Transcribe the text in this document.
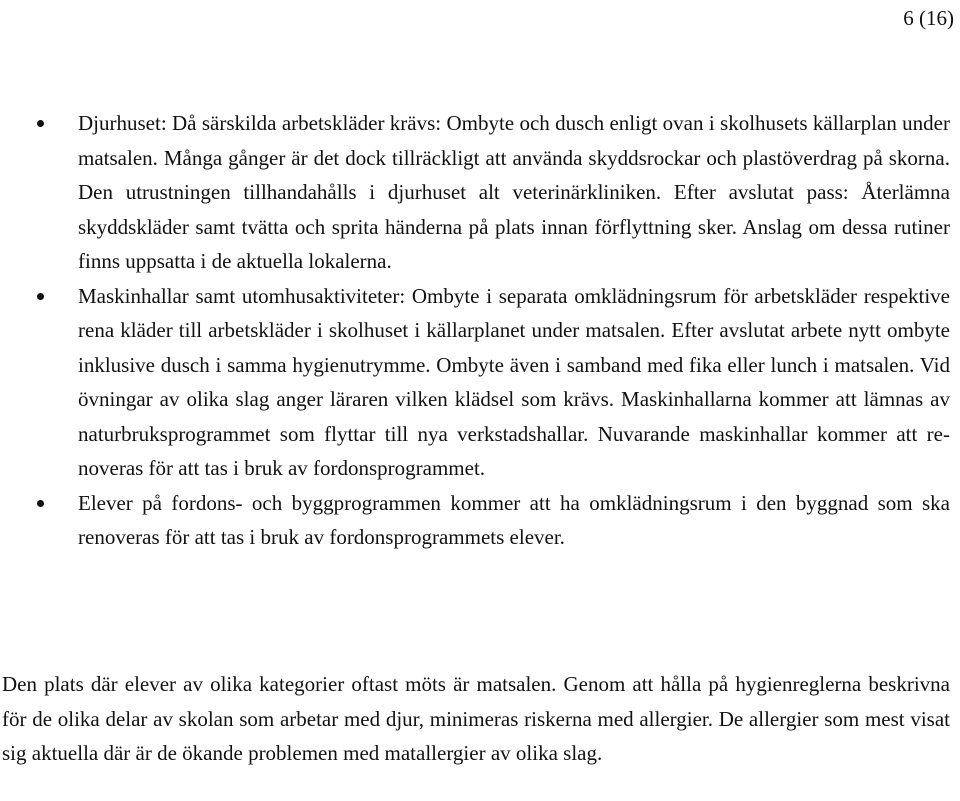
6 (16)
Djurhuset: Då särskilda arbetskläder krävs: Ombyte och dusch enligt ovan i skolhusets källarplan under matsalen. Många gånger är det dock tillräckligt att använda skyddsrockar och plastöverdrag på skorna. Den utrustningen tillhandahålls i djurhuset alt veterinärkliniken. Efter avslutat pass: Återlämna skyddskläder samt tvätta och sprita händerna på plats innan förflyttning sker. Anslag om dessa rutiner finns uppsatta i de aktuella lokalerna.
Maskinhallar samt utomhusaktiviteter: Ombyte i separata omklädningsrum för arbetskläder respektive rena kläder till arbetskläder i skolhuset i källarplanet under matsalen. Efter avslutat arbete nytt ombyte inklusive dusch i samma hygienutrymme. Ombyte även i samband med fika eller lunch i matsalen. Vid övningar av olika slag anger läraren vilken klädsel som krävs. Maskinhallarna kommer att lämnas av naturbruksprogrammet som flyttar till nya verkstadshallar. Nuvarande maskinhallar kommer att renoveras för att tas i bruk av fordonsprogrammet.
Elever på fordons- och byggprogrammen kommer att ha omklädningsrum i den byggnad som ska renoveras för att tas i bruk av fordonsprogrammets elever.

Den plats där elever av olika kategorier oftast möts är matsalen. Genom att hålla på hygienreglerna beskrivna för de olika delar av skolan som arbetar med djur, minimeras riskerna med allergier. De allergier som mest visat sig aktuella där är de ökande problemen med matallergier av olika slag.
